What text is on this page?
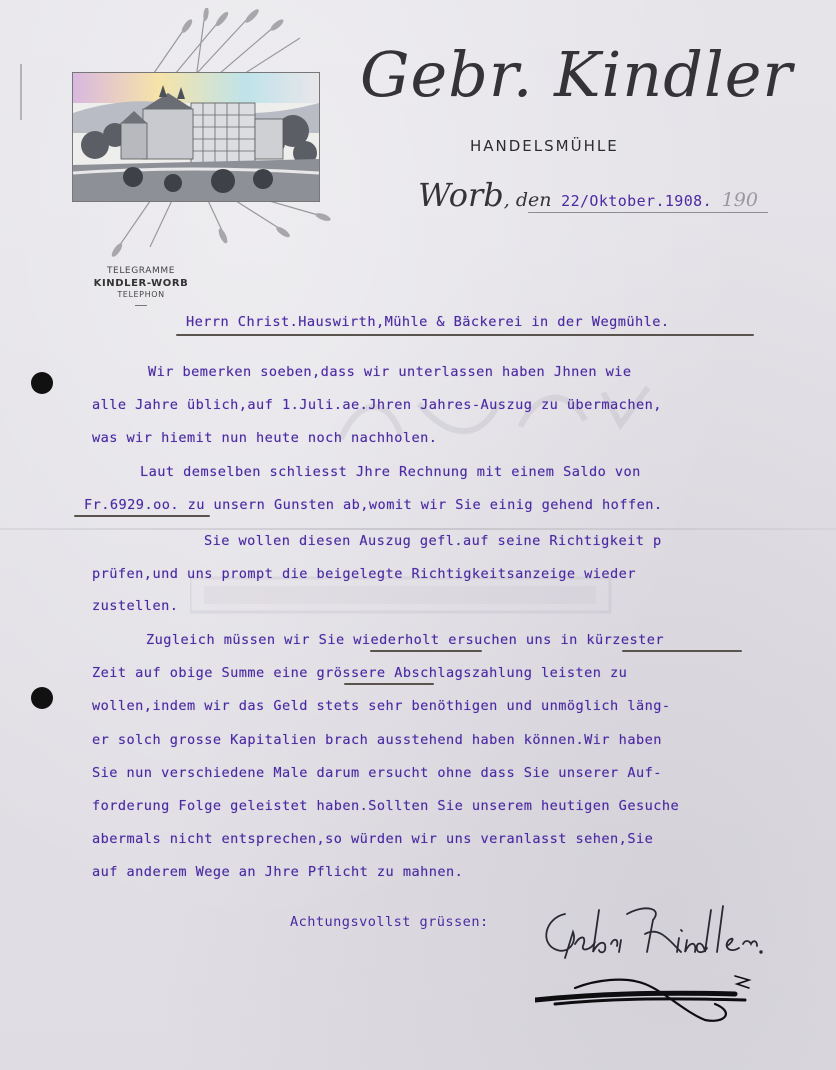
TELEGRAMME
KINDLER-WORB
TELEPHON
Gebr. Kindler
HANDELSMÜHLE
Worb, den 22/Oktober.1908. 190
Herrn Christ.Hauswirth,Mühle & Bäckerei in der Wegmühle.
Wir bemerken soeben,dass wir unterlassen haben Jhnen wie
alle Jahre üblich,auf 1.Juli.ae.Jhren Jahres-Auszug zu übermachen,
was wir hiemit nun heute noch nachholen.
Laut demselben schliesst Jhre Rechnung mit einem Saldo von
Fr.6929.oo. zu unsern Gunsten ab,womit wir Sie einig gehend hoffen.
Sie wollen diesen Auszug gefl.auf seine Richtigkeit p
prüfen,und uns prompt die beigelegte Richtigkeitsanzeige wieder
zustellen.
Zugleich müssen wir Sie wiederholt ersuchen uns in kürzester
Zeit auf obige Summe eine grössere Abschlagszahlung leisten zu
wollen,indem wir das Geld stets sehr benöthigen und unmöglich läng-
er solch grosse Kapitalien brach ausstehend haben können.Wir haben
Sie nun verschiedene Male darum ersucht ohne dass Sie unserer Auf-
forderung Folge geleistet haben.Sollten Sie unserem heutigen Gesuche
abermals nicht entsprechen,so würden wir uns veranlasst sehen,Sie
auf anderem Wege an Jhre Pflicht zu mahnen.
Achtungsvollst grüssen:
